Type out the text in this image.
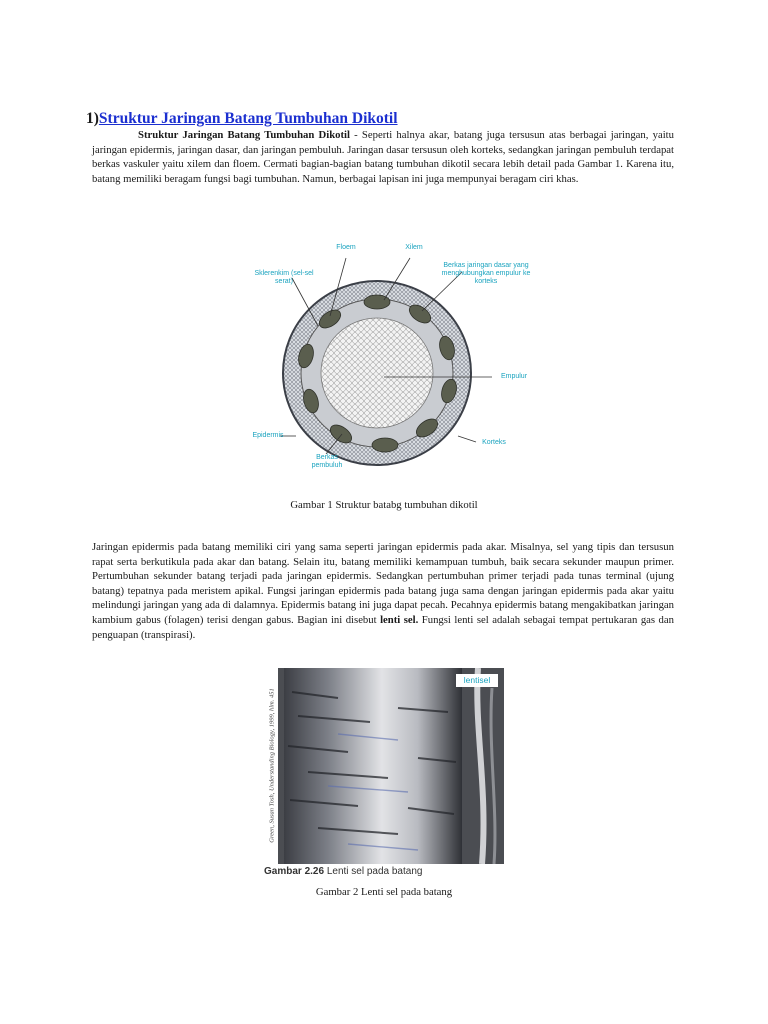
1)Struktur Jaringan Batang Tumbuhan Dikotil

Struktur Jaringan Batang Tumbuhan Dikotil - Seperti halnya akar, batang juga tersusun atas berbagai jaringan, yaitu jaringan epidermis, jaringan dasar, dan jaringan pembuluh. Jaringan dasar tersusun oleh korteks, sedangkan jaringan pembuluh terdapat berkas vaskuler yaitu xilem dan floem. Cermati bagian-bagian batang tumbuhan dikotil secara lebih detail pada Gambar 1. Karena itu, batang memiliki beragam fungsi bagi tumbuhan. Namun, berbagai lapisan ini juga mempunyai beragam ciri khas.

Floem	Xilem
Sklerenkim (sel-sel serat)
Berkas jaringan dasar yang menghubungkan empulur ke korteks
Empulur
Epidermis
Korteks
Berkas pembuluh
Gambar 1 Struktur batabg tumbuhan dikotil

Jaringan epidermis pada batang memiliki ciri yang sama seperti jaringan epidermis pada akar. Misalnya, sel yang tipis dan tersusun rapat serta berkutikula pada akar dan batang. Selain itu, batang memiliki kemampuan tumbuh, baik secara sekunder maupun primer. Pertumbuhan sekunder batang terjadi pada jaringan epidermis. Sedangkan pertumbuhan primer terjadi pada tunas terminal (ujung batang) tepatnya pada meristem apikal. Fungsi jaringan epidermis pada batang juga sama dengan jaringan epidermis pada akar yaitu melindungi jaringan yang ada di dalamnya. Epidermis batang ini juga dapat pecah. Pecahnya epidermis batang mengakibatkan jaringan kambium gabus (folagen) terisi dengan gabus. Bagian ini disebut lenti sel. Fungsi lenti sel adalah sebagai tempat pertukaran gas dan penguapan (transpirasi).

lentisel
Green, Susan Tosh, Understanding Biology, 1999, hlm. 451
Gambar 2.26 Lenti sel pada batang
Gambar 2 Lenti sel pada batang
